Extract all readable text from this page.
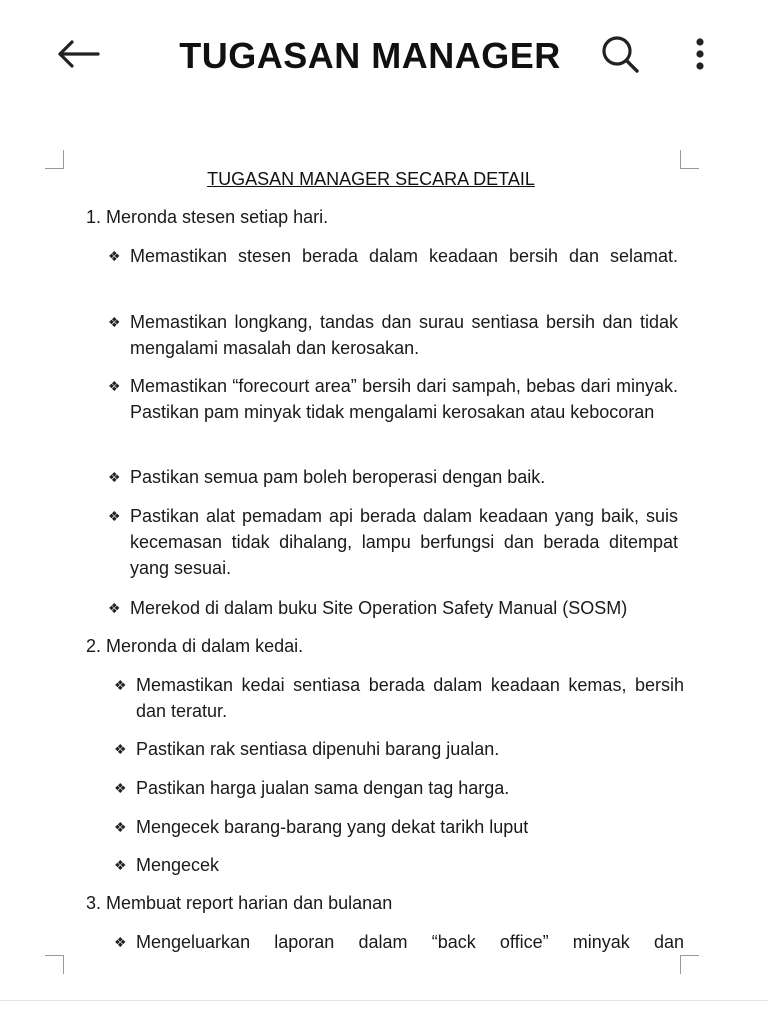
TUGASAN MANAGER
TUGASAN MANAGER SECARA DETAIL
1. Meronda stesen setiap hari.
❖ Memastikan stesen berada dalam keadaan bersih dan selamat.
❖ Memastikan longkang, tandas dan surau sentiasa bersih dan tidak mengalami masalah dan kerosakan.
❖ Memastikan “forecourt area” bersih dari sampah, bebas dari minyak. Pastikan pam minyak tidak mengalami kerosakan atau kebocoran
❖ Pastikan semua pam boleh beroperasi dengan baik.
❖ Pastikan alat pemadam api berada dalam keadaan yang baik, suis kecemasan tidak dihalang, lampu berfungsi dan berada ditempat yang sesuai.
❖ Merekod di dalam buku Site Operation Safety Manual (SOSM)
2. Meronda di dalam kedai.
❖ Memastikan kedai sentiasa berada dalam keadaan kemas, bersih dan teratur.
❖ Pastikan rak sentiasa dipenuhi barang jualan.
❖ Pastikan harga jualan sama dengan tag harga.
❖ Mengecek barang-barang yang dekat tarikh luput
❖ Mengecek
3. Membuat report harian dan bulanan
❖ Mengeluarkan laporan dalam “back office” minyak dan
